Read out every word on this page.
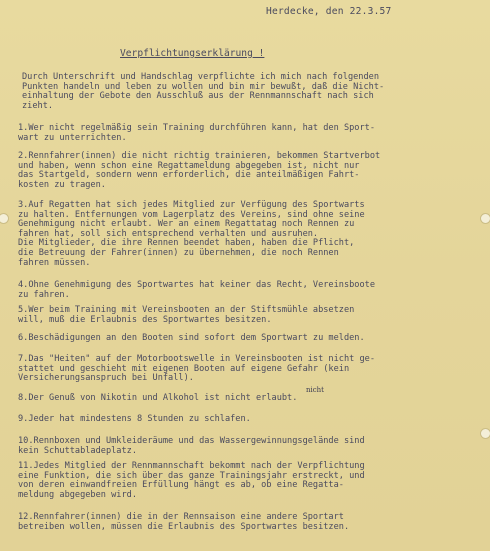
Herdecke, den 22.3.57
Verpflichtungserklärung !
Durch Unterschrift und Handschlag verpflichte ich mich nach folgenden
Punkten handeln und leben zu wollen und bin mir bewußt, daß die Nicht-
einhaltung der Gebote den Ausschluß aus der Rennmannschaft nach sich
zieht.
1.Wer nicht regelmäßig sein Training durchführen kann, hat den Sport-
wart zu unterrichten.
2.Rennfahrer(innen) die nicht richtig trainieren, bekommen Startverbot
und haben, wenn schon eine Regattameldung abgegeben ist, nicht nur
das Startgeld, sondern wenn erforderlich, die anteilmäßigen Fahrt-
kosten zu tragen.
3.Auf Regatten hat sich jedes Mitglied zur Verfügung des Sportwarts
zu halten. Entfernungen vom Lagerplatz des Vereins, sind ohne seine
Genehmigung nicht erlaubt. Wer an einem Regattatag noch Rennen zu
fahren hat, soll sich entsprechend verhalten und ausruhen.
Die Mitglieder, die ihre Rennen beendet haben, haben die Pflicht,
die Betreuung der Fahrer(innen) zu übernehmen, die noch Rennen
fahren müssen.
4.Ohne Genehmigung des Sportwartes hat keiner das Recht, Vereinsboote
zu fahren.
5.Wer beim Training mit Vereinsbooten an der Stiftsmühle absetzen
will, muß die Erlaubnis des Sportwartes besitzen.
6.Beschädigungen an den Booten sind sofort dem Sportwart zu melden.
7.Das "Heiten" auf der Motorbootswelle in Vereinsbooten ist nicht ge-
stattet und geschieht mit eigenen Booten auf eigene Gefahr (kein
Versicherungsanspruch bei Unfall).
8.Der Genuß von Nikotin und Alkohol ist nicht erlaubt.
9.Jeder hat mindestens 8 Stunden zu schlafen.
10.Rennboxen und Umkleideräume und das Wassergewinnungsgelände sind
kein Schuttabladeplatz.
11.Jedes Mitglied der Rennmannschaft bekommt nach der Verpflichtung
eine Funktion, die sich über das ganze Trainingsjahr erstreckt, und
von deren einwandfreien Erfüllung hängt es ab, ob eine Regatta-
meldung abgegeben wird.
12.Rennfahrer(innen) die in der Rennsaison eine andere Sportart
betreiben wollen, müssen die Erlaubnis des Sportwartes besitzen.
nicht
